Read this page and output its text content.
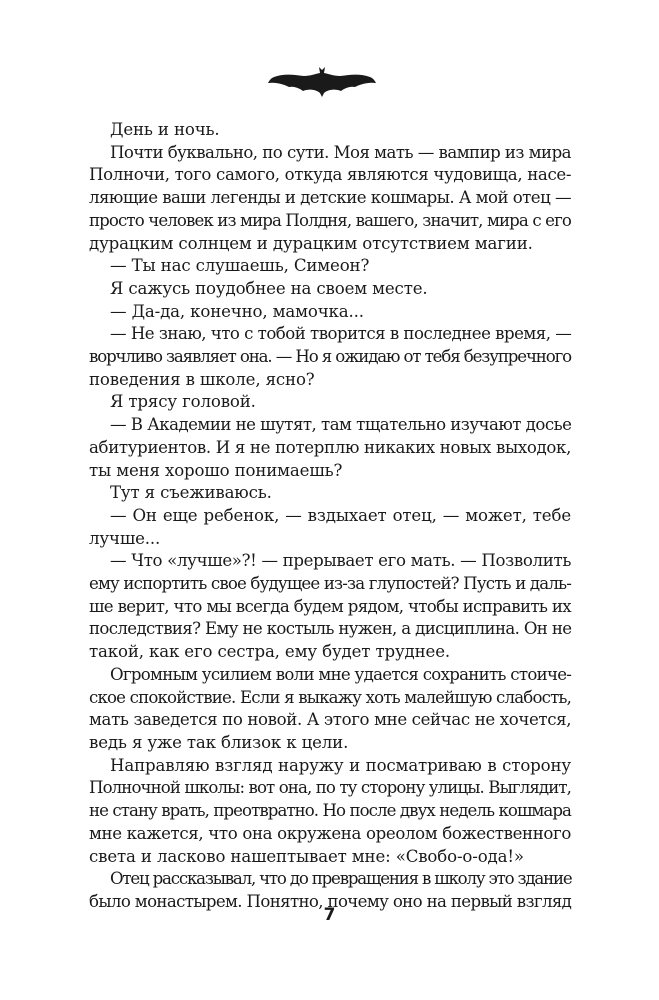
День и ночь.
Почти буквально, по сути. Моя мать — вампир из мира
Полночи, того самого, откуда являются чудовища, насе-
ляющие ваши легенды и детские кошмары. А мой отец —
просто человек из мира Полдня, вашего, значит, мира с его
дурацким солнцем и дурацким отсутствием магии.
— Ты нас слушаешь, Симеон?
Я сажусь поудобнее на своем месте.
— Да-да, конечно, мамочка...
— Не знаю, что с тобой творится в последнее время, —
ворчливо заявляет она. — Но я ожидаю от тебя безупречного
поведения в школе, ясно?
Я трясу головой.
— В Академии не шутят, там тщательно изучают досье
абитуриентов. И я не потерплю никаких новых выходок,
ты меня хорошо понимаешь?
Тут я съеживаюсь.
— Он еще ребенок, — вздыхает отец, — может, тебе
лучше...
— Что «лучше»?! — прерывает его мать. — Позволить
ему испортить свое будущее из-за глупостей? Пусть и даль-
ше верит, что мы всегда будем рядом, чтобы исправить их
последствия? Ему не костыль нужен, а дисциплина. Он не
такой, как его сестра, ему будет труднее.
Огромным усилием воли мне удается сохранить стоиче-
ское спокойствие. Если я выкажу хоть малейшую слабость,
мать заведется по новой. А этого мне сейчас не хочется,
ведь я уже так близок к цели.
Направляю взгляд наружу и посматриваю в сторону
Полночной школы: вот она, по ту сторону улицы. Выглядит,
не стану врать, преотвратно. Но после двух недель кошмара
мне кажется, что она окружена ореолом божественного
света и ласково нашептывает мне: «Свобо-о-ода!»
Отец рассказывал, что до превращения в школу это здание
было монастырем. Понятно, почему оно на первый взгляд
7
